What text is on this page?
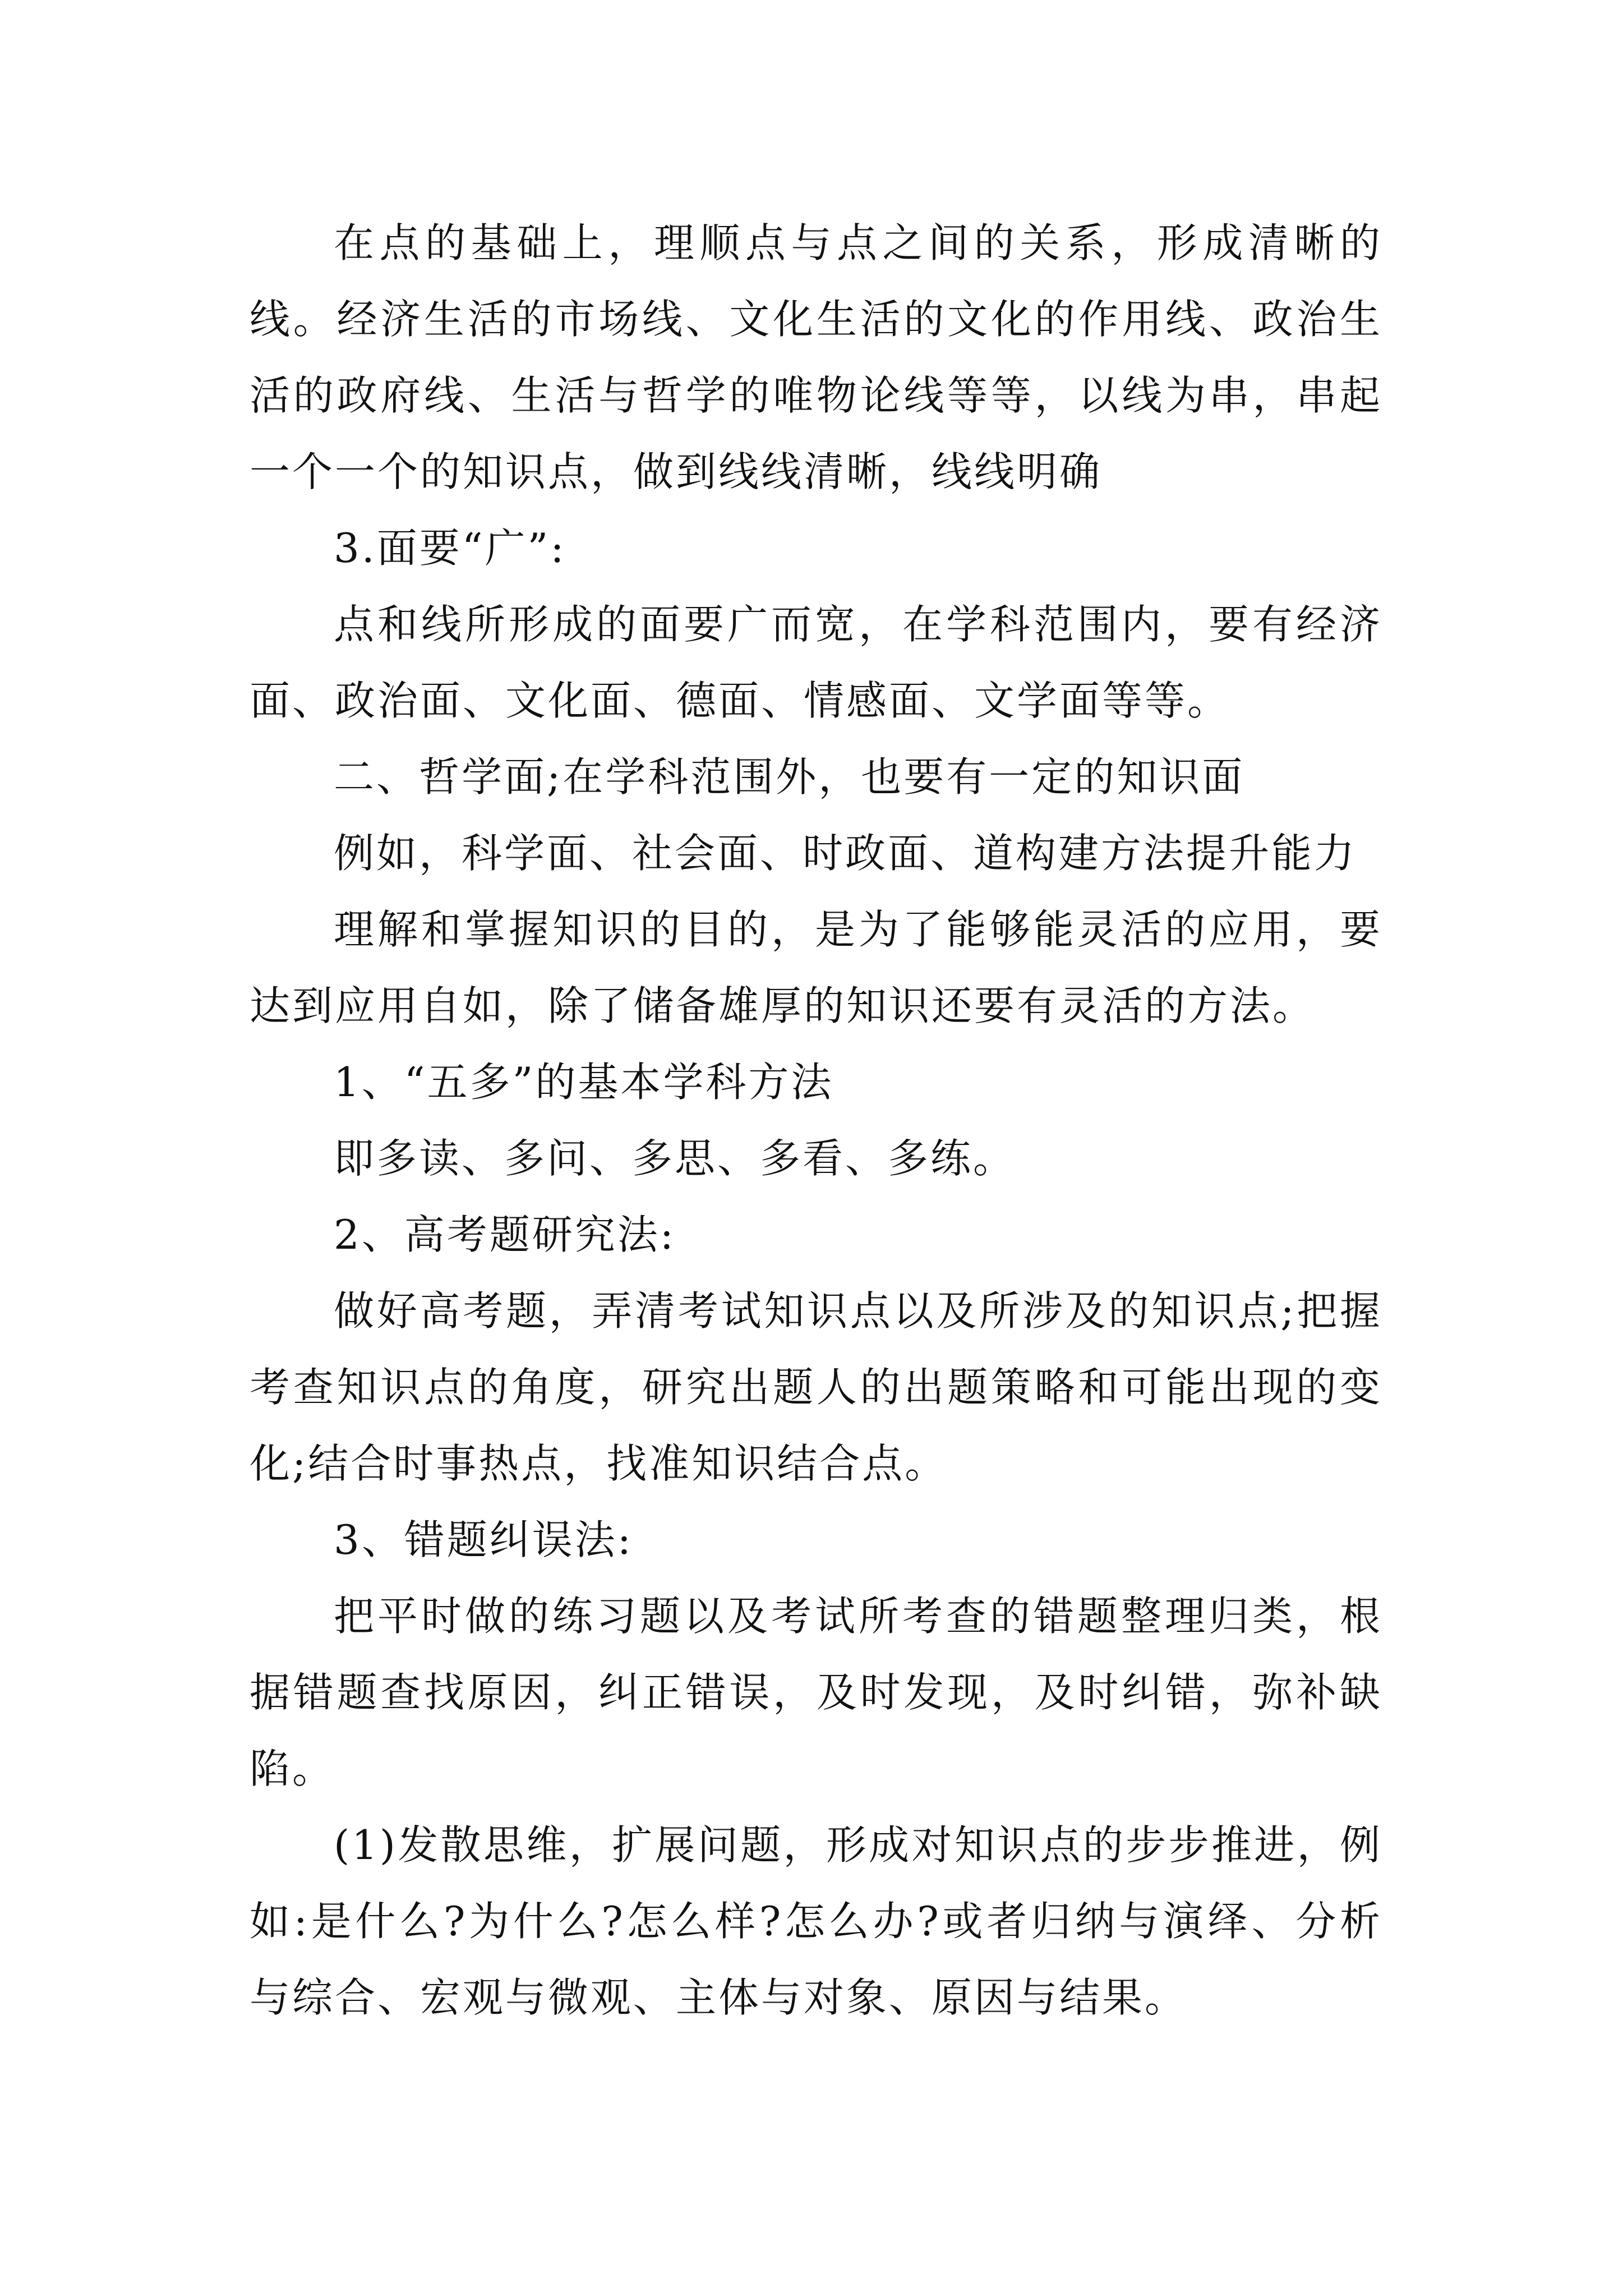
在点的基础上，理顺点与点之间的关系，形成清晰的线。经济生活的市场线、文化生活的文化的作用线、政治生活的政府线、生活与哲学的唯物论线等等，以线为串，串起一个一个的知识点，做到线线清晰，线线明确

3.面要“广”:

点和线所形成的面要广而宽，在学科范围内，要有经济面、政治面、文化面、德面、情感面、文学面等等。

二、哲学面;在学科范围外，也要有一定的知识面

例如，科学面、社会面、时政面、道构建方法提升能力

理解和掌握知识的目的，是为了能够能灵活的应用，要达到应用自如，除了储备雄厚的知识还要有灵活的方法。

1、“五多”的基本学科方法

即多读、多问、多思、多看、多练。

2、高考题研究法:

做好高考题，弄清考试知识点以及所涉及的知识点;把握考查知识点的角度，研究出题人的出题策略和可能出现的变化;结合时事热点，找准知识结合点。

3、错题纠误法:

把平时做的练习题以及考试所考查的错题整理归类，根据错题查找原因，纠正错误，及时发现，及时纠错，弥补缺陷。

(1)发散思维，扩展问题，形成对知识点的步步推进，例如:是什么?为什么?怎么样?怎么办?或者归纳与演绎、分析与综合、宏观与微观、主体与对象、原因与结果。
